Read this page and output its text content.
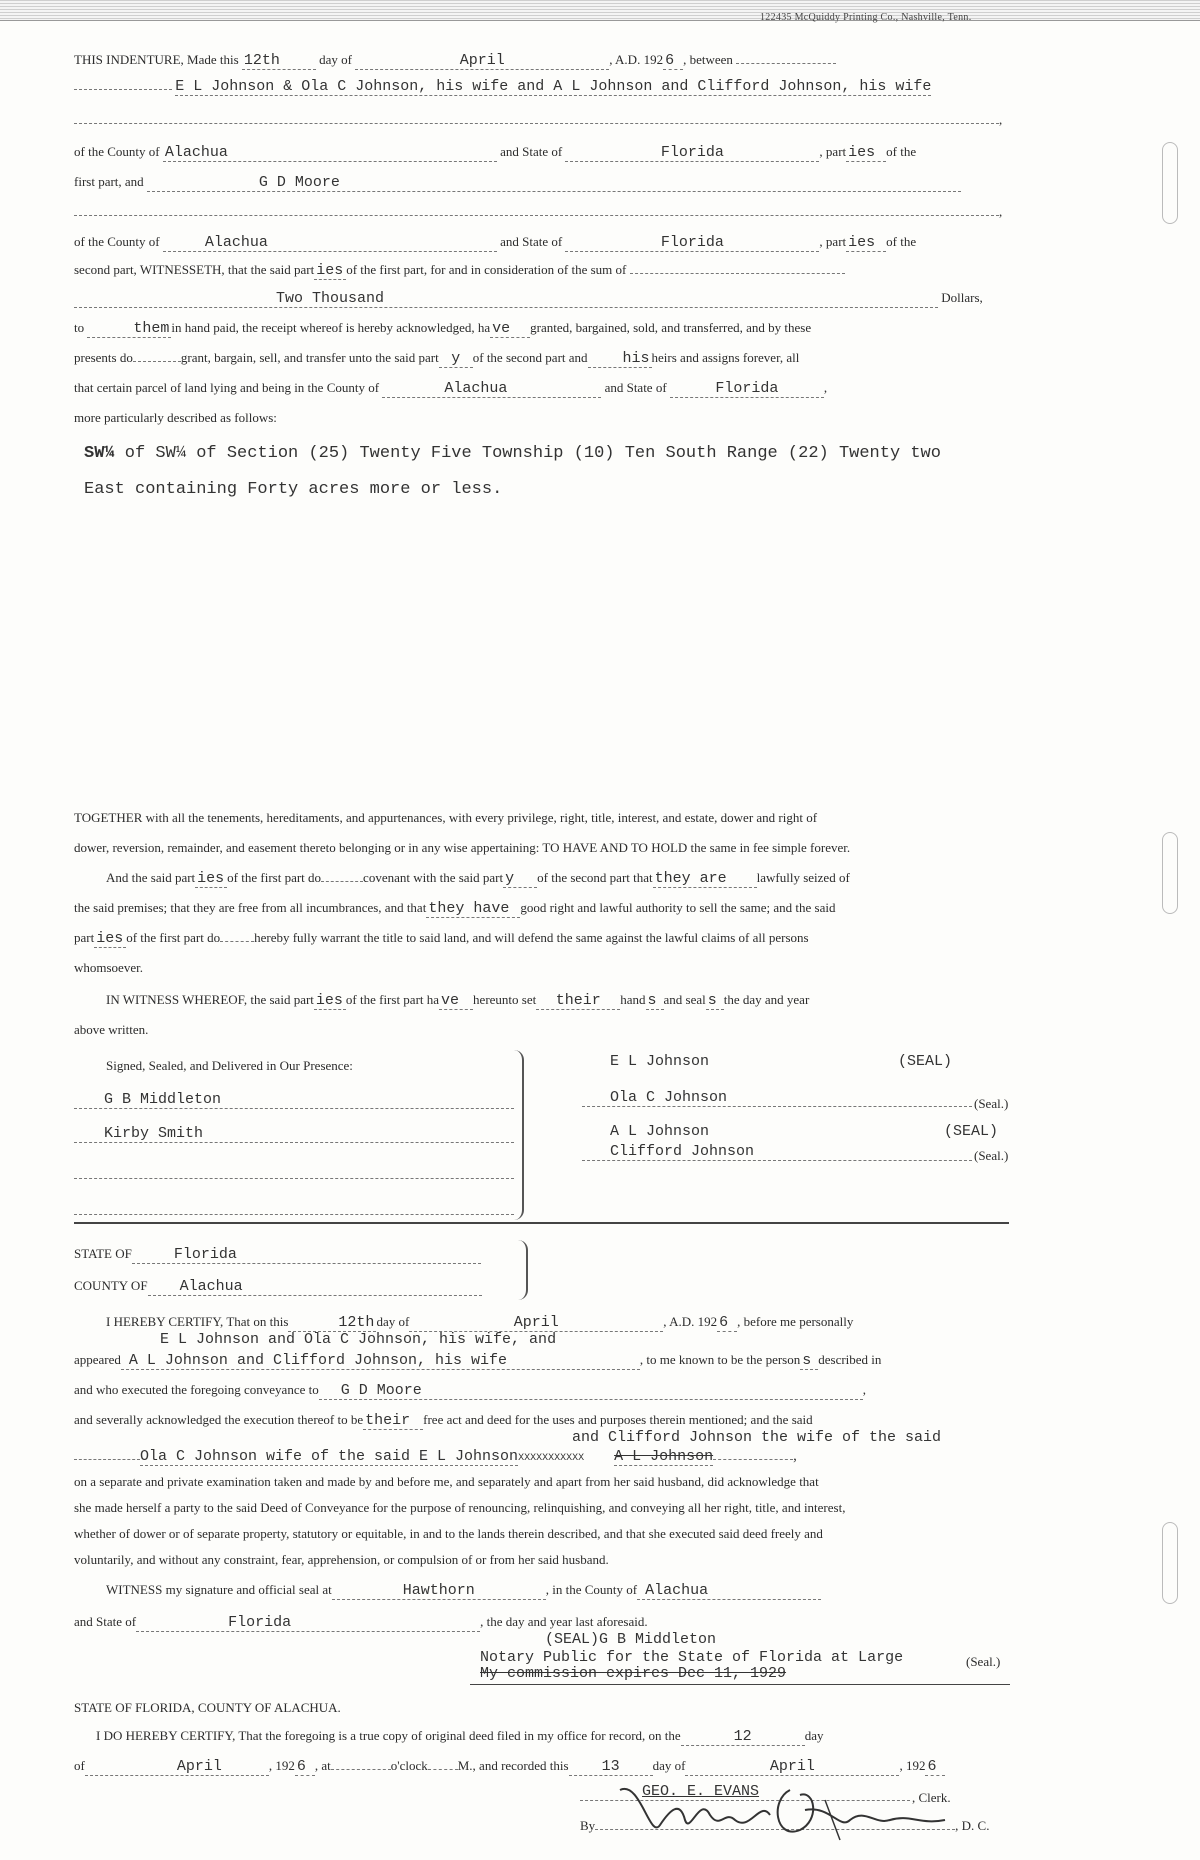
122435 McQuiddy Printing Co., Nashville, Tenn.
THIS INDENTURE, Made this 12th	day of	April	, A.D. 192 6 , between
E L Johnson & Ola C Johnson, his wife and A L Johnson and Clifford Johnson, his wife
,
of the County of Alachua	and State of	Florida	, part ies of the
first part, and	G D Moore
,
of the County of	Alachua	and State of	Florida	, part ies of the
second part, WITNESSETH, that the said part ies of the first part, for and in consideration of the sum of
Two Thousand	Dollars,
to	them in hand paid, the receipt whereof is hereby acknowledged, ha ve granted, bargained, sold, and transferred, and by these
presents do	grant, bargain, sell, and transfer unto the said part y of the second part and his heirs and assigns forever, all
that certain parcel of land lying and being in the County of	Alachua	and State of	Florida	,
more particularly described as follows:
SW¼ of SW¼ of Section (25) Twenty Five Township (10) Ten South Range (22) Twenty two
East containing Forty acres more or less.
TOGETHER with all the tenements, hereditaments, and appurtenances, with every privilege, right, title, interest, and estate, dower and right of
dower, reversion, remainder, and easement thereto belonging or in any wise appertaining: TO HAVE AND TO HOLD the same in fee simple forever.
And the said part ies of the first part do	covenant with the said part y of the second part that they are lawfully seized of
the said premises; that they are free from all incumbrances, and that they have good right and lawful authority to sell the same; and the said
part ies of the first part do	hereby fully warrant the title to said land, and will defend the same against the lawful claims of all persons
whomsoever.
IN WITNESS WHEREOF, the said part ies of the first part ha ve hereunto set their hand s and seal s the day and year
above written.
Signed, Sealed, and Delivered in Our Presence:
G B Middleton
Kirby Smith
E L Johnson	(SEAL)
Ola C Johnson	(Seal.)
A L Johnson	(SEAL)
Clifford Johnson	(Seal.)
STATE OF	Florida
COUNTY OF Alachua
I HEREBY CERTIFY, That on this	12th day of	April	, A.D. 192 6 , before me personally
E L Johnson and Ola C Johnson, his wife, and
appeared A L Johnson and Clifford Johnson, his wife	, to me known to be the person s described in
and who executed the foregoing conveyance to G D Moore	,
and severally acknowledged the execution thereof to be their free act and deed for the uses and purposes therein mentioned; and the said
and Clifford Johnson the wife of the said
Ola C Johnson wife of the said E L JohnsonXXXXXXXXXXX A L Johnson	,
on a separate and private examination taken and made by and before me, and separately and apart from her said husband, did acknowledge that
she made herself a party to the said Deed of Conveyance for the purpose of renouncing, relinquishing, and conveying all her right, title, and interest,
whether of dower or of separate property, statutory or equitable, in and to the lands therein described, and that she executed said deed freely and
voluntarily, and without any constraint, fear, apprehension, or compulsion of or from her said husband.
WITNESS my signature and official seal at	Hawthorn	, in the County of Alachua
and State of	Florida	, the day and year last aforesaid.
(SEAL)G B Middleton
Notary Public for the State of Florida at Large	(Seal.)
My commission expires Dec 11, 1929
STATE OF FLORIDA, COUNTY OF ALACHUA.
I DO HEREBY CERTIFY, That the foregoing is a true copy of original deed filed in my office for record, on the	12	day
of	April	, 192 6 , at	o'clock M., and recorded this 13	day of	April	, 192 6
GEO. E. EVANS	, Clerk.
By	, D. C.
